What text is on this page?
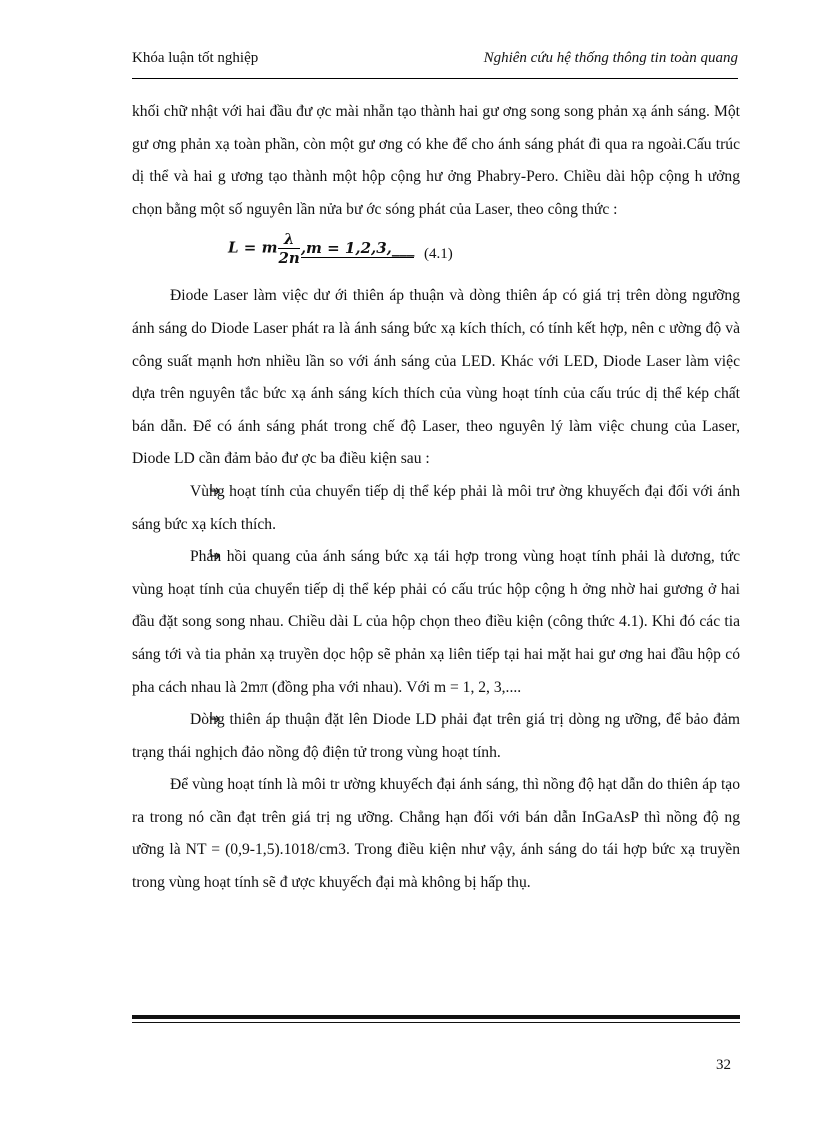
Khóa luận tốt nghiệp	Nghiên cứu hệ thống thông tin toàn quang

khối chữ nhật với hai đầu đư ợc mài nhẵn tạo thành hai gư ơng song song phản xạ ánh sáng. Một gư ơng phản xạ toàn phần, còn một gư ơng có khe để cho ánh sáng phát đi qua ra ngoài.Cấu trúc dị thể và hai g ương tạo thành một hộp cộng hư ởng Phabry-Pero. Chiều dài hộp cộng h ưởng chọn bằng một số nguyên lần nửa bư ớc sóng phát của Laser, theo công thức :

L = m $\frac{\lambda}{2n} ,m$ = 1,2,3,___ (4.1)

Điode Laser làm việc dư ới thiên áp thuận và dòng thiên áp có giá trị trên dòng ngưỡng ánh sáng do Diode Laser phát ra là ánh sáng bức xạ kích thích, có tính kết hợp, nên c ường độ và công suất mạnh hơn nhiều lần so với ánh sáng của LED. Khác với LED, Diode Laser làm việc dựa trên nguyên tắc bức xạ ánh sáng kích thích của vùng hoạt tính của cấu trúc dị thể kép chất bán dẫn. Để có ánh sáng phát trong chế độ Laser, theo nguyên lý làm việc chung của Laser, Diode LD cần đảm bảo đư ợc ba điều kiện sau :

Vùng hoạt tính của chuyển tiếp dị thể kép phải là môi trư ờng khuyếch đại đối với ánh sáng bức xạ kích thích.

Phản hồi quang của ánh sáng bức xạ tái hợp trong vùng hoạt tính phải là dương, tức vùng hoạt tính của chuyển tiếp dị thể kép phải có cấu trúc hộp cộng h ởng nhờ hai gương ở hai đầu đặt song song nhau. Chiều dài L của hộp chọn theo điều kiện (công thức 4.1). Khi đó các tia sáng tới và tia phản xạ truyền dọc hộp sẽ phản xạ liên tiếp tại hai mặt hai gư ơng hai đầu hộp có pha cách nhau là 2mπ (đồng pha với nhau). Với m = 1, 2, 3,....

Dòng thiên áp thuận đặt lên Diode LD phải đạt trên giá trị dòng ng ưỡng, để bảo đảm trạng thái nghịch đảo nồng độ điện tử trong vùng hoạt tính.

Để vùng hoạt tính là môi tr ường khuyếch đại ánh sáng, thì nồng độ hạt dẫn do thiên áp tạo ra trong nó cần đạt trên giá trị ng ưỡng. Chẳng hạn đối với bán dẫn InGaAsP thì nồng độ ng ưỡng là NT = (0,9-1,5).1018/cm3. Trong điều kiện như vậy, ánh sáng do tái hợp bức xạ truyền trong vùng hoạt tính sẽ đ ược khuyếch đại mà không bị hấp thụ.

32
